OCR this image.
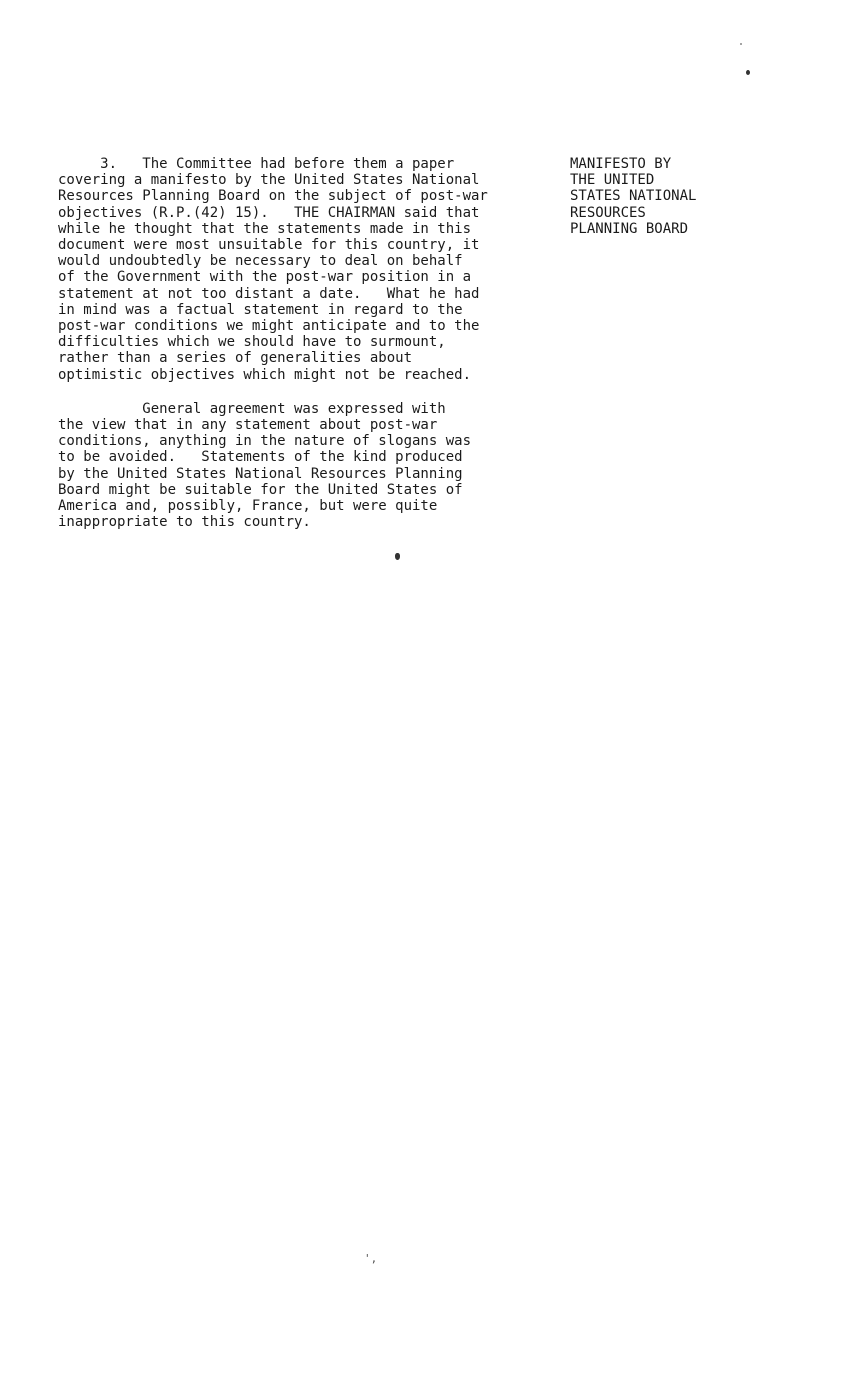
3.   The Committee had before them a paper
covering a manifesto by the United States National
Resources Planning Board on the subject of post-war
objectives (R.P.(42) 15).   THE CHAIRMAN said that
while he thought that the statements made in this
document were most unsuitable for this country, it
would undoubtedly be necessary to deal on behalf
of the Government with the post-war position in a
statement at not too distant a date.   What he had
in mind was a factual statement in regard to the
post-war conditions we might anticipate and to the
difficulties which we should have to surmount,
rather than a series of generalities about
optimistic objectives which might not be reached.

General agreement was expressed with
the view that in any statement about post-war
conditions, anything in the nature of slogans was
to be avoided.   Statements of the kind produced
by the United States National Resources Planning
Board might be suitable for the United States of
America and, possibly, France, but were quite
inappropriate to this country.

MANIFESTO BY
THE UNITED
STATES NATIONAL
RESOURCES
PLANNING BOARD
',
